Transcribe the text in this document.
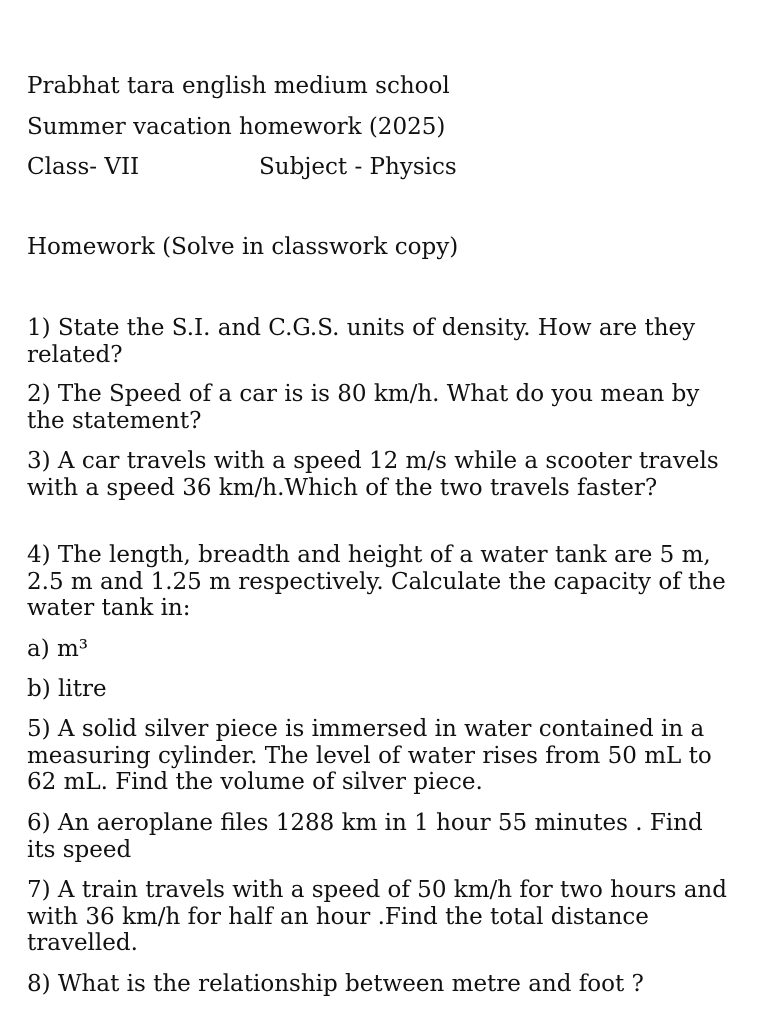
Prabhat tara english medium school
Summer vacation homework (2025)
Class- VII	Subject - Physics
Homework (Solve in classwork copy)
1) State the S.I. and C.G.S. units of density. How are they related?
2) The Speed of a car is is 80 km/h. What do you mean by the statement?
3) A car travels with a speed 12 m/s while a scooter travels with a speed 36 km/h.Which of the two travels faster?
4) The length, breadth and height of a water tank are 5 m, 2.5 m and 1.25 m respectively. Calculate the capacity of the water tank in:
a) m³
b) litre
5) A solid silver piece is immersed in water contained in a measuring cylinder. The level of water rises from 50 mL to 62 mL. Find the volume of silver piece.
6) An aeroplane files 1288 km in 1 hour 55 minutes . Find its speed
7) A train travels with a speed of 50 km/h for two hours and with 36 km/h for half an hour .Find the total distance travelled.
8) What is the relationship between metre and foot ?
